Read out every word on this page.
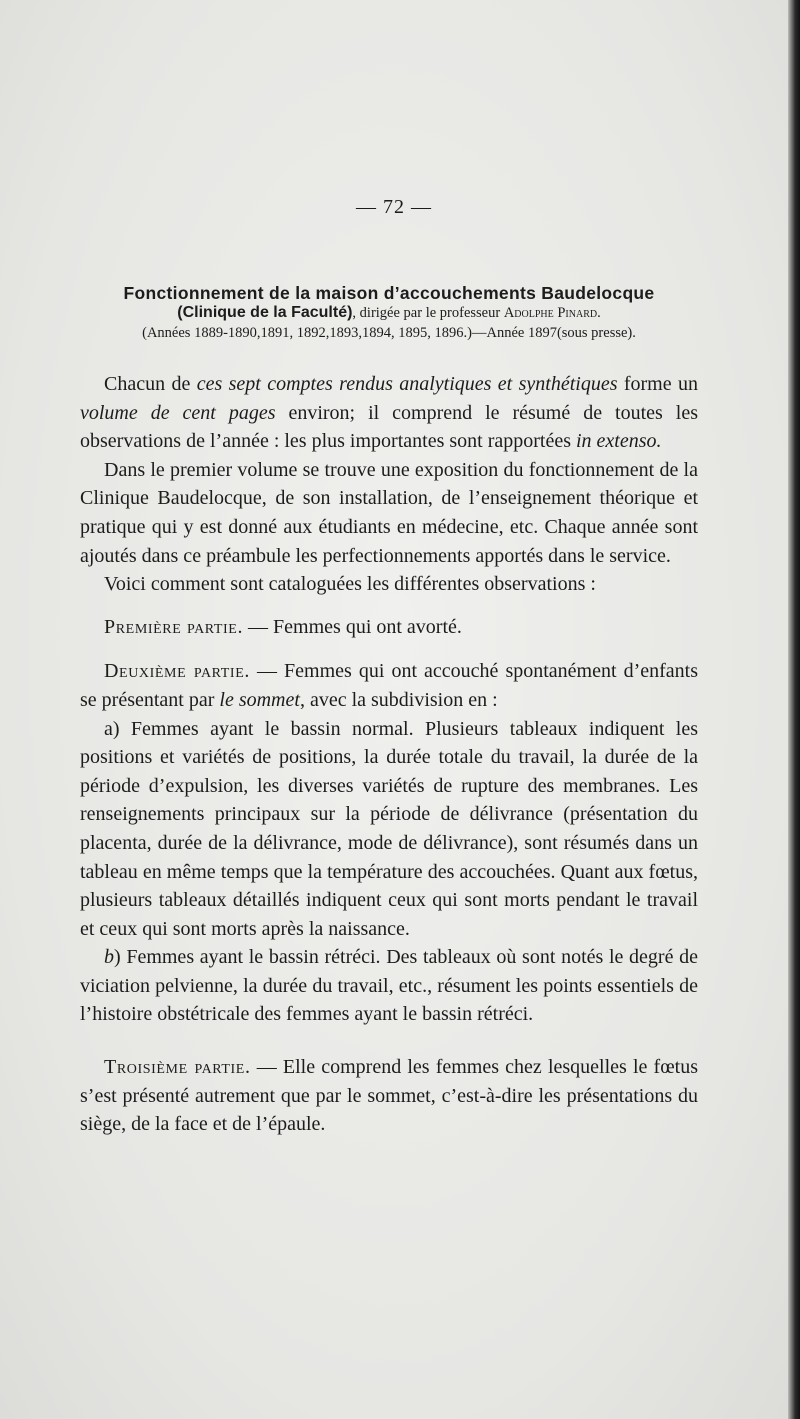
— 72 —
Fonctionnement de la maison d’accouchements Baudelocque
(Clinique de la Faculté), dirigée par le professeur Adolphe Pinard.
(Années 1889-1890,1891, 1892,1893,1894, 1895, 1896.)—Année 1897(sous presse).

Chacun de ces sept comptes rendus analytiques et synthétiques forme un volume de cent pages environ; il comprend le résumé de toutes les observations de l’année : les plus importantes sont rapportées in extenso.

Dans le premier volume se trouve une exposition du fonctionnement de la Clinique Baudelocque, de son installation, de l’enseignement théorique et pratique qui y est donné aux étudiants en médecine, etc. Chaque année sont ajoutés dans ce préambule les perfectionnements apportés dans le service.

Voici comment sont cataloguées les différentes observations :

Première partie. — Femmes qui ont avorté.

Deuxième partie. — Femmes qui ont accouché spontanément d’enfants se présentant par le sommet, avec la subdivision en :

a) Femmes ayant le bassin normal. Plusieurs tableaux indiquent les positions et variétés de positions, la durée totale du travail, la durée de la période d’expulsion, les diverses variétés de rupture des membranes. Les renseignements principaux sur la période de délivrance (présentation du placenta, durée de la délivrance, mode de délivrance), sont résumés dans un tableau en même temps que la température des accouchées. Quant aux fœtus, plusieurs tableaux détaillés indiquent ceux qui sont morts pendant le travail et ceux qui sont morts après la naissance.

b) Femmes ayant le bassin rétréci. Des tableaux où sont notés le degré de viciation pelvienne, la durée du travail, etc., résument les points essentiels de l’histoire obstétricale des femmes ayant le bassin rétréci.

Troisième partie. — Elle comprend les femmes chez lesquelles le fœtus s’est présenté autrement que par le sommet, c’est-à-dire les présentations du siège, de la face et de l’épaule.
